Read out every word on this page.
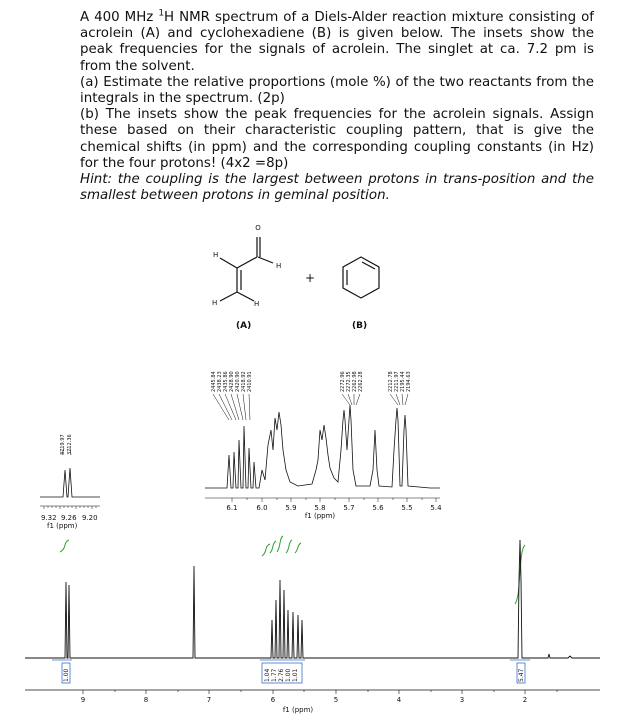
A 400 MHz $^1$H NMR spectrum of a Diels-Alder reaction mixture consisting of acrolein (A) and cyclohexadiene (B) is given below. The insets show the peak frequencies for the signals of acrolein. The singlet at ca. 7.2 pm is from the solvent.

(a) Estimate the relative proportions (mole %) of the two reactants from the integrals in the spectrum. (2p)

(b) The insets show the peak frequencies for the acrolein signals. Assign these based on their characteristic coupling pattern, that is give the chemical shifts (in ppm) and the corresponding coupling constants (in Hz) for the four protons! (4x2 =8p)

Hint: the coupling is the largest between protons in trans-position and the smallest between protons in geminal position.

O
H
H
H	H
(A)
+
(B)
3719.97 3712.36
9.32 9.26 9.20
f1 (ppm)
2445.84 2438.23 2435.86 2428.90 2420.90 2418.92 2410.91	2272.96 2272.35 2262.98 2262.28	2212.78 2211.97 2195.44 2194.63
6.1	6.0	5.9	5.8	5.7	5.6	5.5	5.4
f1 (ppm)
1.00	1.04 1.77 2.76 1.00 1.01	5.47
9	8	7	6	5	4	3	2
f1 (ppm)
